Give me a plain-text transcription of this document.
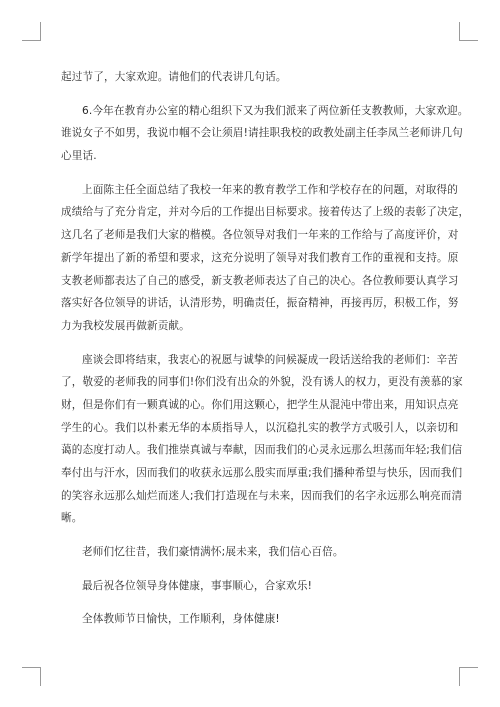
起过节了，大家欢迎。请他们的代表讲几句话。
6.今年在教育办公室的精心组织下又为我们派来了两位新任支教教师，大家欢迎。
谁说女子不如男，我说巾帼不会让须眉!请挂职我校的政教处副主任李凤兰老师讲几句
心里话.
上面陈主任全面总结了我校一年来的教育教学工作和学校存在的问题，对取得的
成绩给与了充分肯定，并对今后的工作提出目标要求。接着传达了上级的表彰了决定，
这几名了老师是我们大家的楷模。各位领导对我们一年来的工作给与了高度评价，对
新学年提出了新的希望和要求，这充分说明了领导对我们教育工作的重视和支持。原
支教老师都表达了自己的感受，新支教老师表达了自己的决心。各位教师要认真学习
落实好各位领导的讲话，认清形势，明确责任，振奋精神，再接再厉，积极工作，努
力为我校发展再做新贡献。
座谈会即将结束，我衷心的祝愿与诚挚的问候凝成一段话送给我的老师们：辛苦
了，敬爱的老师我的同事们!你们没有出众的外貌，没有诱人的权力，更没有羡慕的家
财，但是你们有一颗真诚的心。你们用这颗心，把学生从混沌中带出来，用知识点亮
学生的心。我们以朴素无华的本质指导人，以沉稳扎实的教学方式吸引人，以亲切和
蔼的态度打动人。我们推崇真诚与奉献，因而我们的心灵永远那么坦荡而年轻;我们信
奉付出与汗水，因而我们的收获永远那么殷实而厚重;我们播种希望与快乐，因而我们
的笑容永远那么灿烂而迷人;我们打造现在与未来，因而我们的名字永远那么响亮而清
晰。
老师们忆往昔，我们豪情满怀;展未来，我们信心百倍。
最后祝各位领导身体健康，事事顺心，合家欢乐!
全体教师节日愉快，工作顺利，身体健康!
